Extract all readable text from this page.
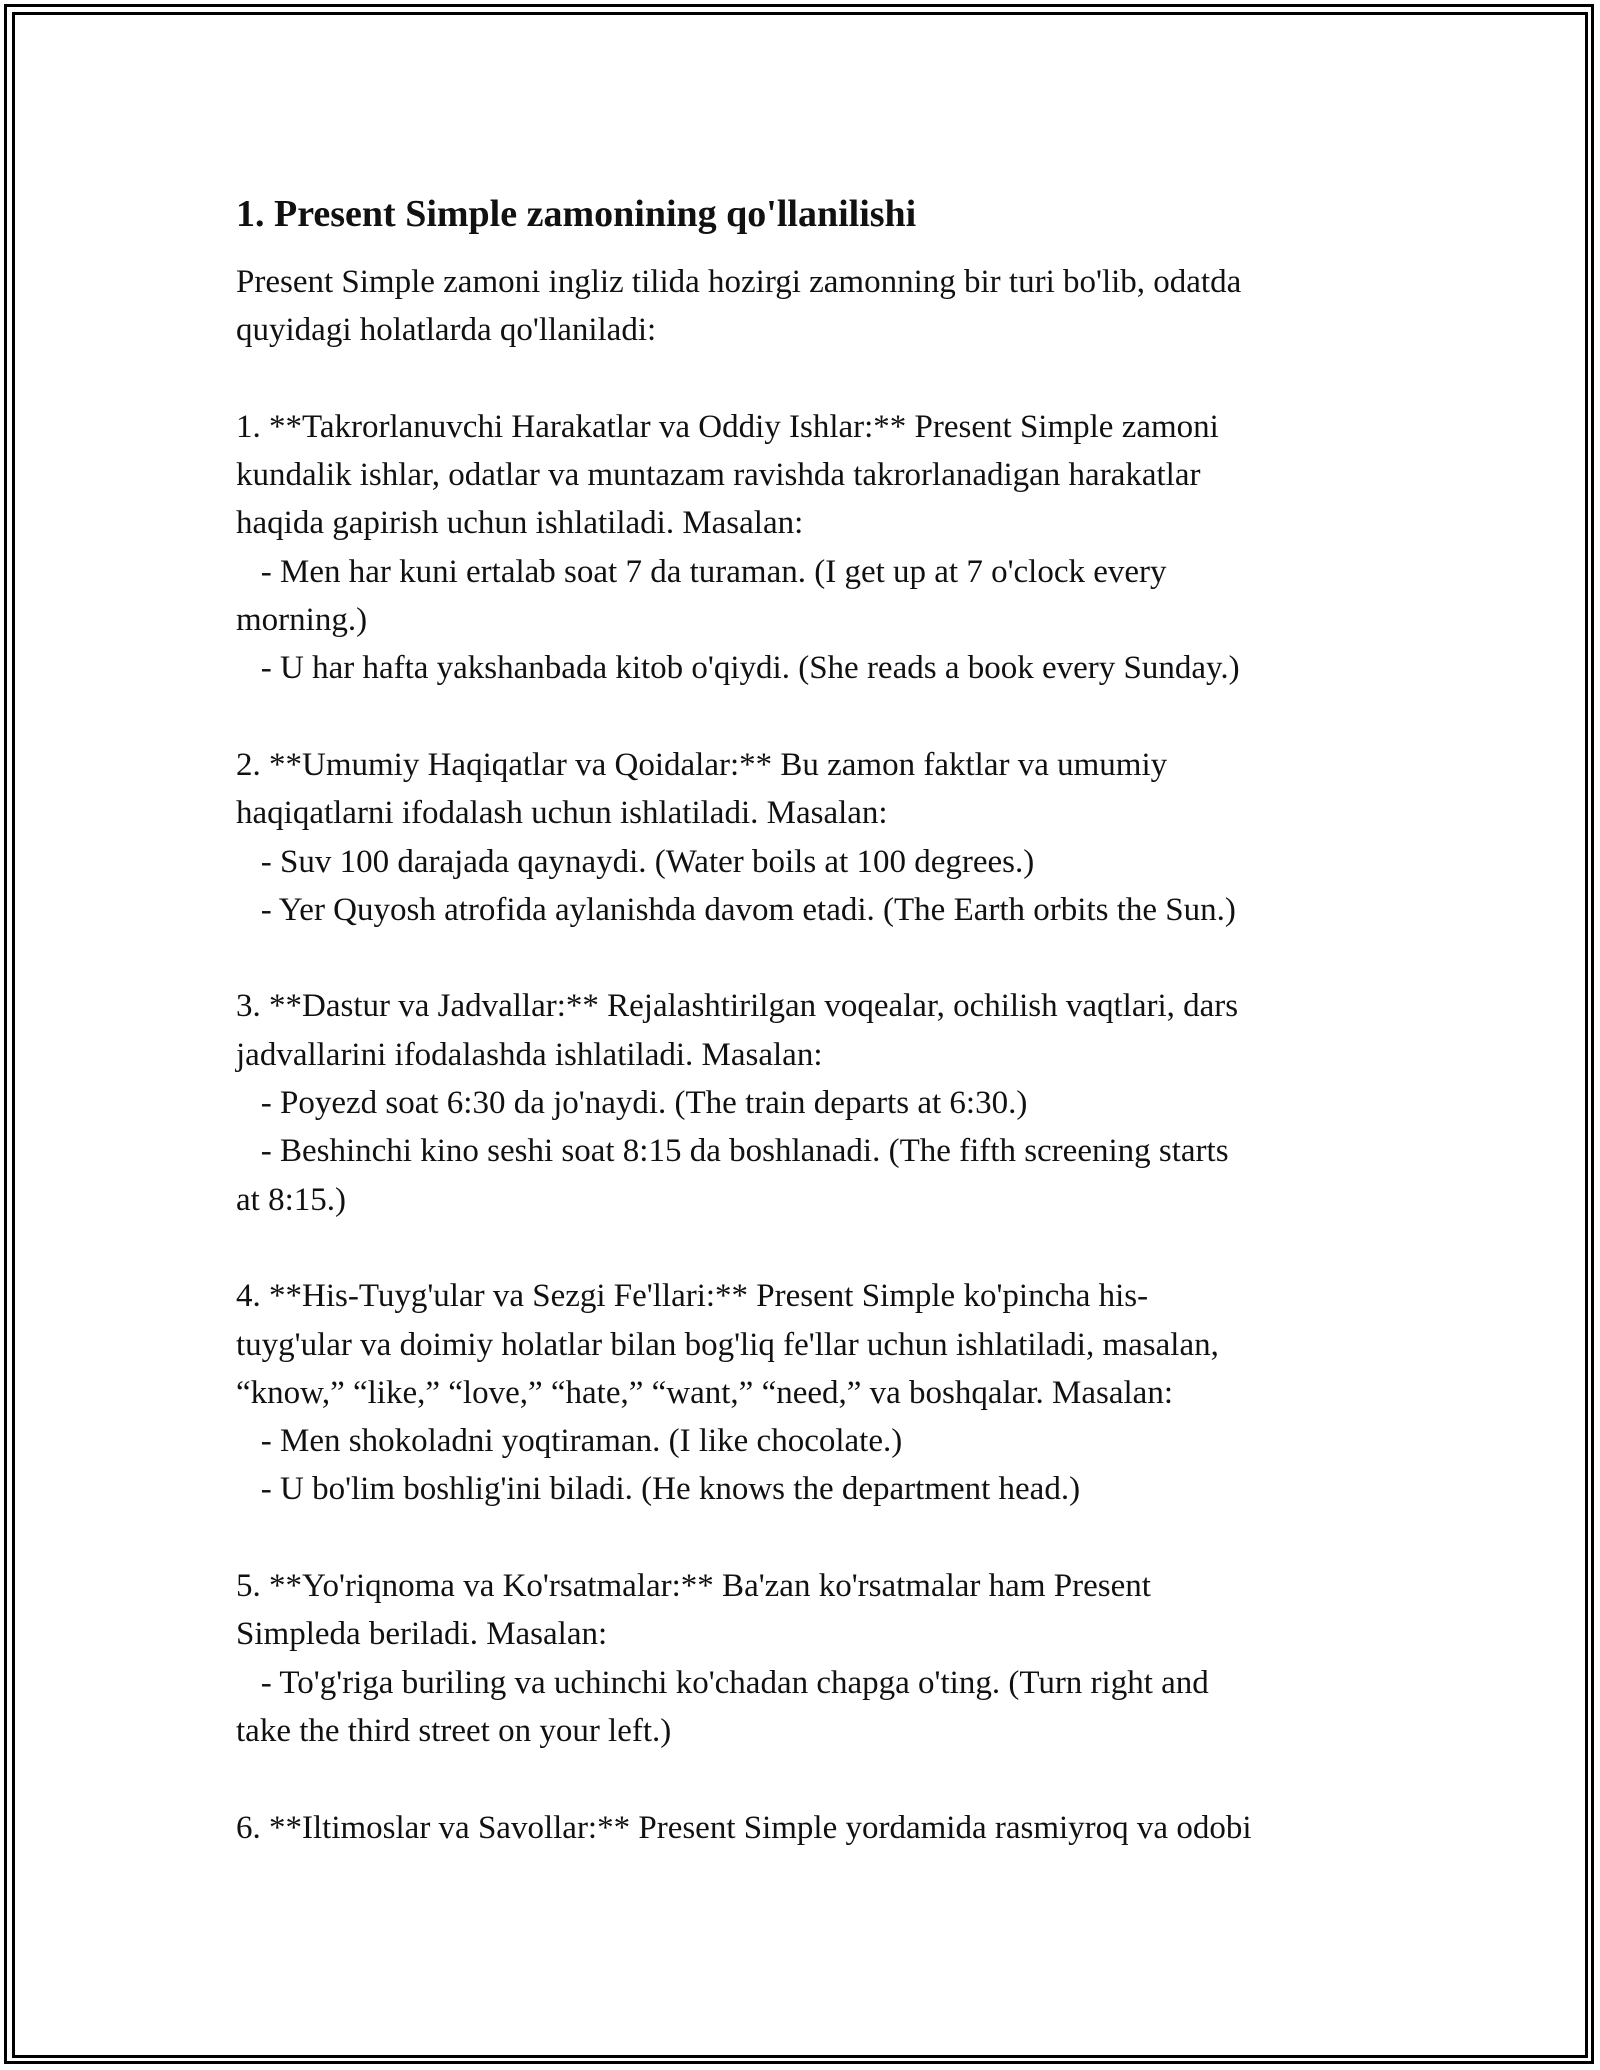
1. Present Simple zamonining qo'llanilishi

Present Simple zamoni ingliz tilida hozirgi zamonning bir turi bo'lib, odatda

quyidagi holatlarda qo'llaniladi:

1. **Takrorlanuvchi Harakatlar va Oddiy Ishlar:** Present Simple zamoni

kundalik ishlar, odatlar va muntazam ravishda takrorlanadigan harakatlar

haqida gapirish uchun ishlatiladi. Masalan:

- Men har kuni ertalab soat 7 da turaman. (I get up at 7 o'clock every

morning.)

- U har hafta yakshanbada kitob o'qiydi. (She reads a book every Sunday.)

2. **Umumiy Haqiqatlar va Qoidalar:** Bu zamon faktlar va umumiy

haqiqatlarni ifodalash uchun ishlatiladi. Masalan:

- Suv 100 darajada qaynaydi. (Water boils at 100 degrees.)

- Yer Quyosh atrofida aylanishda davom etadi. (The Earth orbits the Sun.)

3. **Dastur va Jadvallar:** Rejalashtirilgan voqealar, ochilish vaqtlari, dars

jadvallarini ifodalashda ishlatiladi. Masalan:

- Poyezd soat 6:30 da jo'naydi. (The train departs at 6:30.)

- Beshinchi kino seshi soat 8:15 da boshlanadi. (The fifth screening starts

at 8:15.)

4. **His-Tuyg'ular va Sezgi Fe'llari:** Present Simple ko'pincha his-

tuyg'ular va doimiy holatlar bilan bog'liq fe'llar uchun ishlatiladi, masalan,

“know,” “like,” “love,” “hate,” “want,” “need,” va boshqalar. Masalan:

- Men shokoladni yoqtiraman. (I like chocolate.)

- U bo'lim boshlig'ini biladi. (He knows the department head.)

5. **Yo'riqnoma va Ko'rsatmalar:** Ba'zan ko'rsatmalar ham Present

Simpleda beriladi. Masalan:

- To'g'riga buriling va uchinchi ko'chadan chapga o'ting. (Turn right and

take the third street on your left.)

6. **Iltimoslar va Savollar:** Present Simple yordamida rasmiyroq va odobi
